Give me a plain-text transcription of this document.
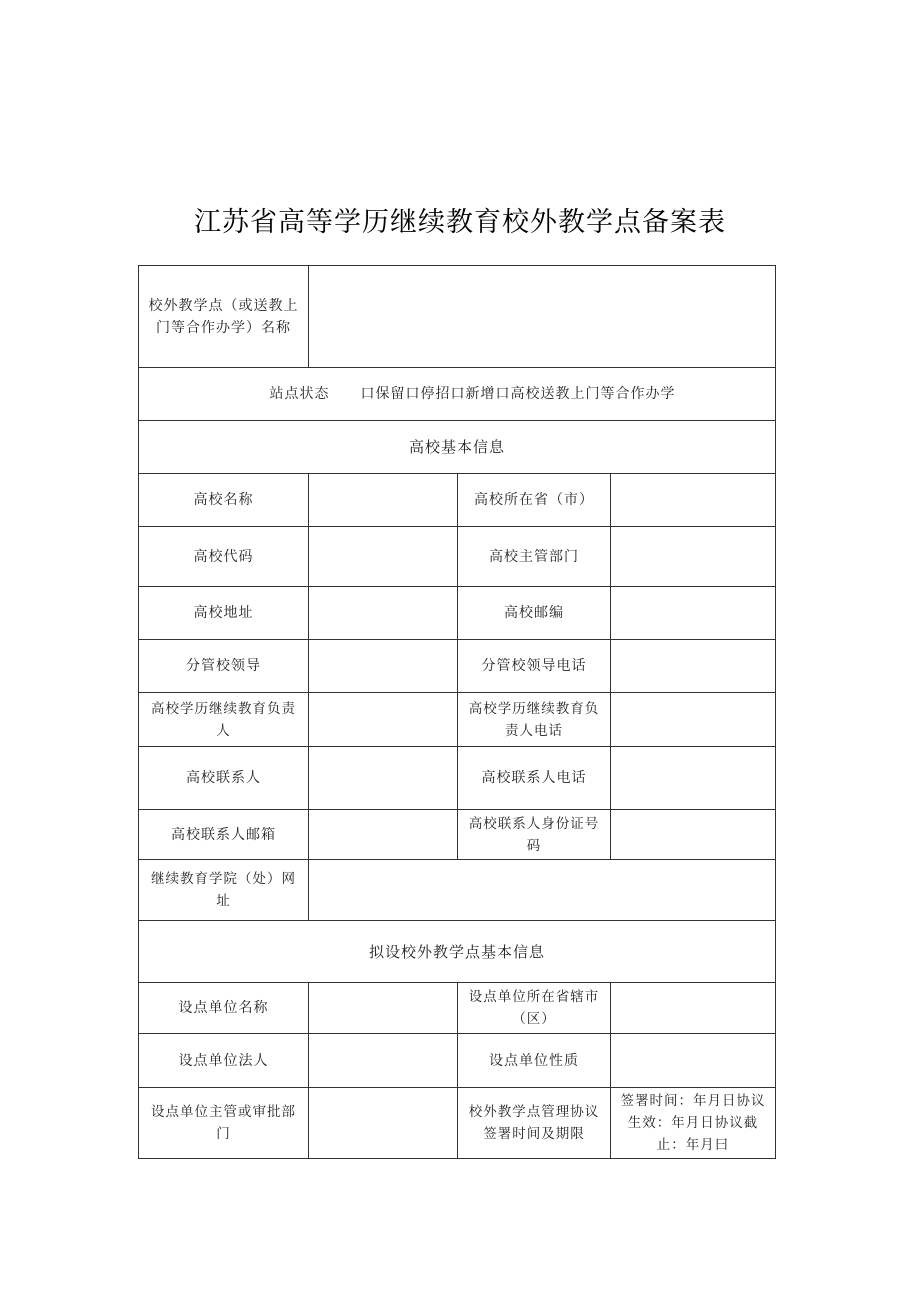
江苏省高等学历继续教育校外教学点备案表
校外教学点（或送教上门等合作办学）名称			
站点状态 口保留口停招口新增口高校送教上门等合作办学			
高校基本信息			
高校名称		高校所在省（市）	
高校代码		高校主管部门	
高校地址		高校邮编	
分管校领导		分管校领导电话	
高校学历继续教育负责人		高校学历继续教育负责人电话	
高校联系人		高校联系人电话	
高校联系人邮箱		高校联系人身份证号码	
继续教育学院（处）网址			
拟设校外教学点基本信息			
设点单位名称		设点单位所在省辖市（区）	
设点单位法人		设点单位性质	
设点单位主管或审批部门		校外教学点管理协议签署时间及期限	签署时间：年月日协议生效：年月日协议截止：年月曰
